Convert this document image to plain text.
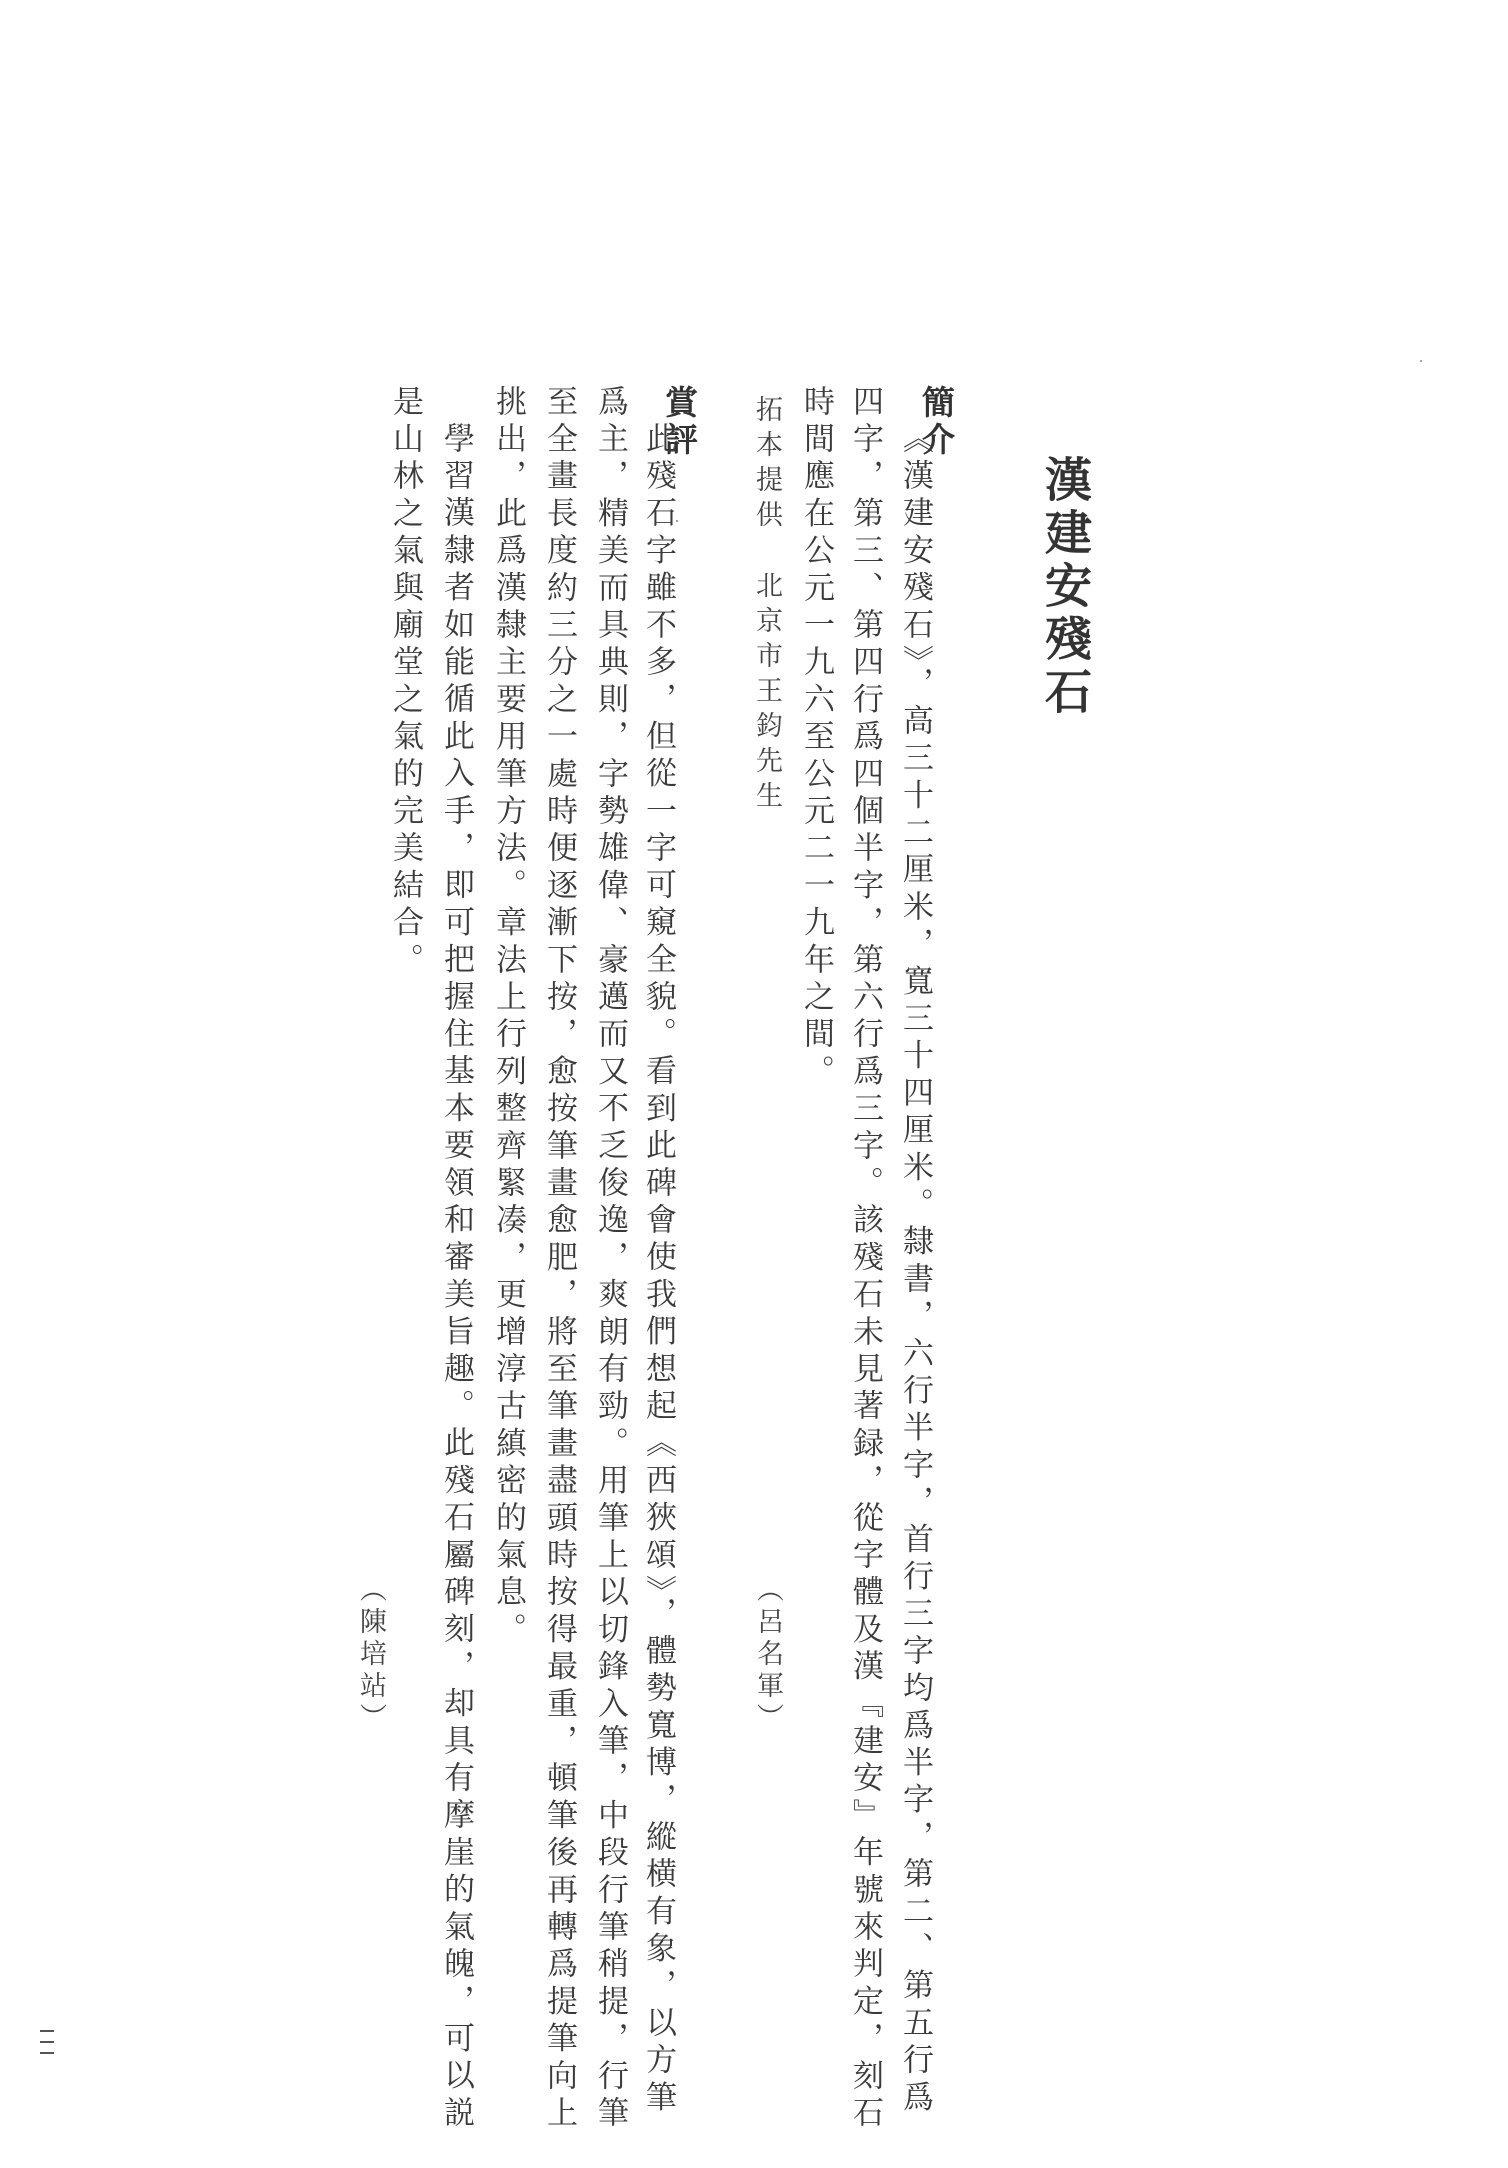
漢建安殘石
簡介
《漢建安殘石》，高三十二厘米，寬三十四厘米。隸書，六行半字，首行三字均爲半字，第二、第五行爲
四字，第三、第四行爲四個半字，第六行爲三字。該殘石未見著録，從字體及漢『建安』年號來判定，刻石
時間應在公元一九六至公元二一九年之間。
拓本提供北京市王鈞先生
（呂名軍）
賞評
此殘石字雖不多，但從一字可窺全貌。看到此碑會使我們想起《西狹頌》，體勢寬博，縱横有象，以方筆
爲主，精美而具典則，字勢雄偉、豪邁而又不乏俊逸，爽朗有勁。用筆上以切鋒入筆，中段行筆稍提，行筆
至全畫長度約三分之一處時便逐漸下按，愈按筆畫愈肥，將至筆畫盡頭時按得最重，頓筆後再轉爲提筆向上
挑出，此爲漢隸主要用筆方法。章法上行列整齊緊凑，更增淳古縝密的氣息。
學習漢隸者如能循此入手，即可把握住基本要領和審美旨趣。此殘石屬碑刻，却具有摩崖的氣魄，可以説
是山林之氣與廟堂之氣的完美結合。
（陳培站）
